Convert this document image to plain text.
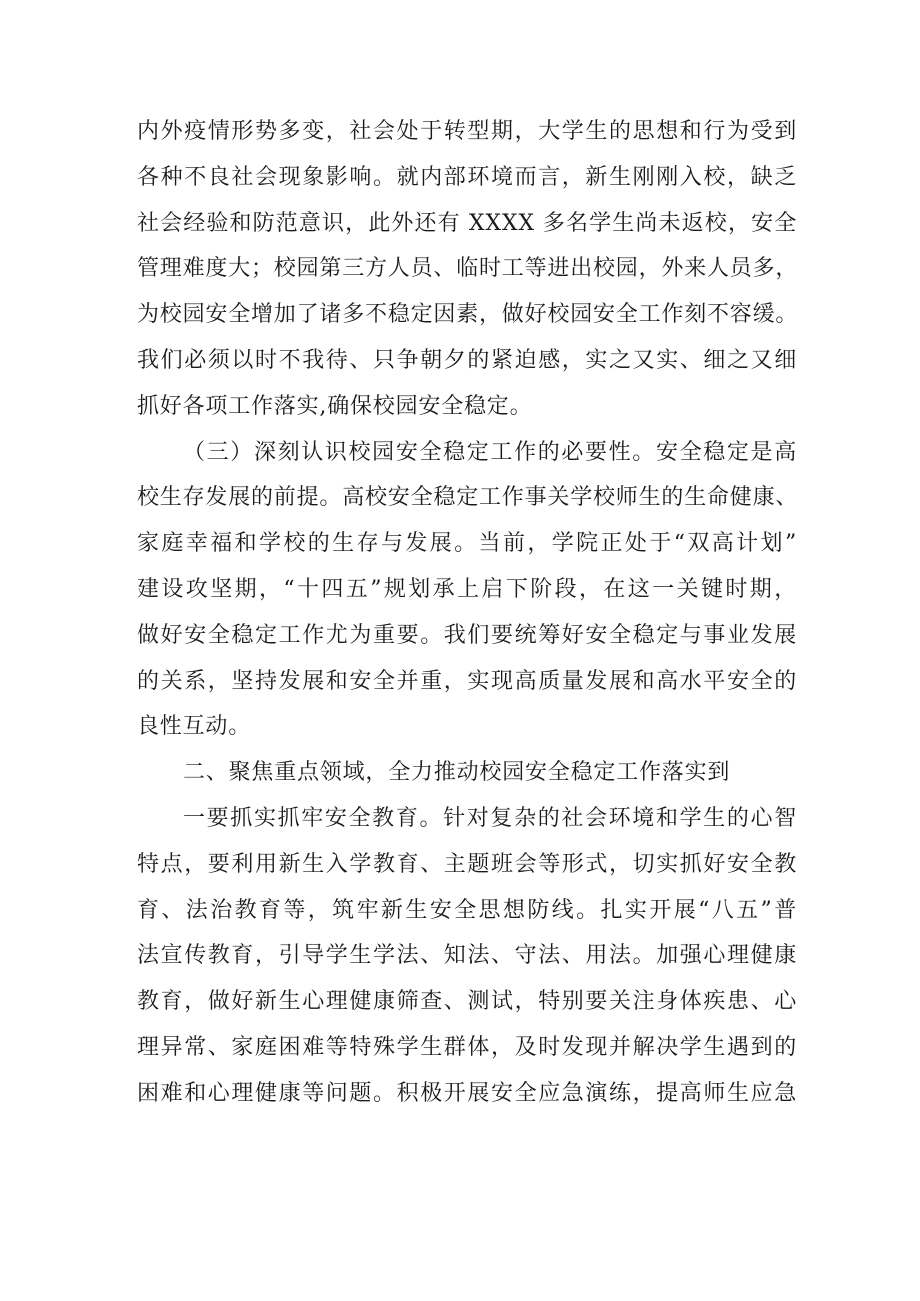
内外疫情形势多变，社会处于转型期，大学生的思想和行为受到
各种不良社会现象影响。就内部环境而言，新生刚刚入校，缺乏
社会经验和防范意识，此外还有 XXXX 多名学生尚未返校，安全
管理难度大；校园第三方人员、临时工等进出校园，外来人员多，
为校园安全增加了诸多不稳定因素，做好校园安全工作刻不容缓。
我们必须以时不我待、只争朝夕的紧迫感，实之又实、细之又细
抓好各项工作落实,确保校园安全稳定。
（三）深刻认识校园安全稳定工作的必要性。安全稳定是高
校生存发展的前提。高校安全稳定工作事关学校师生的生命健康、
家庭幸福和学校的生存与发展。当前，学院正处于“双高计划”
建设攻坚期，“十四五”规划承上启下阶段，在这一关键时期，
做好安全稳定工作尤为重要。我们要统筹好安全稳定与事业发展
的关系，坚持发展和安全并重，实现高质量发展和高水平安全的
良性互动。
二、聚焦重点领域，全力推动校园安全稳定工作落实到
一要抓实抓牢安全教育。针对复杂的社会环境和学生的心智
特点，要利用新生入学教育、主题班会等形式，切实抓好安全教
育、法治教育等，筑牢新生安全思想防线。扎实开展“八五”普
法宣传教育，引导学生学法、知法、守法、用法。加强心理健康
教育，做好新生心理健康筛查、测试，特别要关注身体疾患、心
理异常、家庭困难等特殊学生群体，及时发现并解决学生遇到的
困难和心理健康等问题。积极开展安全应急演练，提高师生应急
